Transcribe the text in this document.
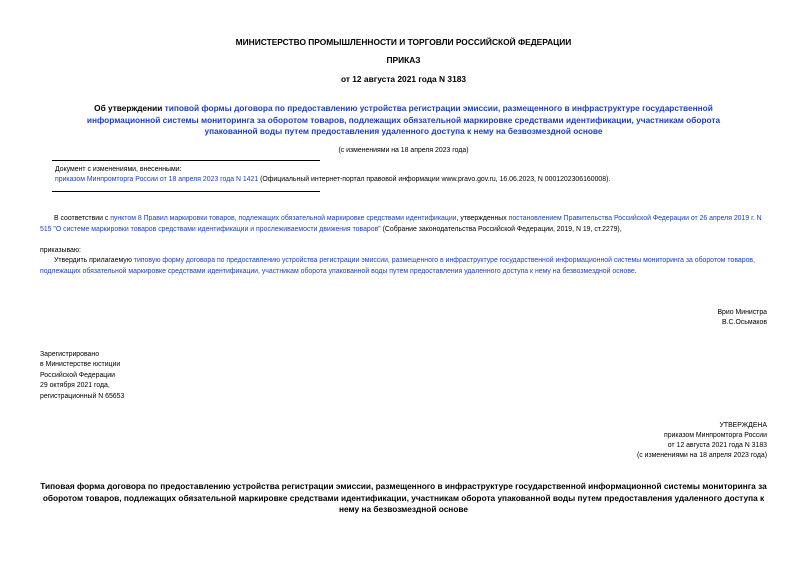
МИНИСТЕРСТВО ПРОМЫШЛЕННОСТИ И ТОРГОВЛИ РОССИЙСКОЙ ФЕДЕРАЦИИ
ПРИКАЗ
от 12 августа 2021 года N 3183
Об утверждении типовой формы договора по предоставлению устройства регистрации эмиссии, размещенного в инфраструктуре государственной информационной системы мониторинга за оборотом товаров, подлежащих обязательной маркировке средствами идентификации, участникам оборота упакованной воды путем предоставления удаленного доступа к нему на безвозмездной основе
(с изменениями на 18 апреля 2023 года)
Документ с изменениями, внесенными:
приказом Минпромторга России от 18 апреля 2023 года N 1421 (Официальный интернет-портал правовой информации www.pravo.gov.ru, 16.06.2023, N 0001202306160008).
В соответствии с пунктом 8 Правил маркировки товаров, подлежащих обязательной маркировке средствами идентификации, утвержденных постановлением Правительства Российской Федерации от 26 апреля 2019 г. N 515 "О системе маркировки товаров средствами идентификации и прослеживаемости движения товаров" (Собрание законодательства Российской Федерации, 2019, N 19, ст.2279),
приказываю:
Утвердить прилагаемую типовую форму договора по предоставлению устройства регистрации эмиссии, размещенного в инфраструктуре государственной информационной системы мониторинга за оборотом товаров, подлежащих обязательной маркировке средствами идентификации, участникам оборота упакованной воды путем предоставления удаленного доступа к нему на безвозмездной основе.
Врио Министра
В.С.Осьмаков
Зарегистрировано
в Министерстве юстиции
Российской Федерации
29 октября 2021 года,
регистрационный N 65653
УТВЕРЖДЕНА
приказом Минпромторга России
от 12 августа 2021 года N 3183
(с изменениями на 18 апреля 2023 года)
Типовая форма договора по предоставлению устройства регистрации эмиссии, размещенного в инфраструктуре государственной информационной системы мониторинга за оборотом товаров, подлежащих обязательной маркировке средствами идентификации, участникам оборота упакованной воды путем предоставления удаленного доступа к нему на безвозмездной основе
